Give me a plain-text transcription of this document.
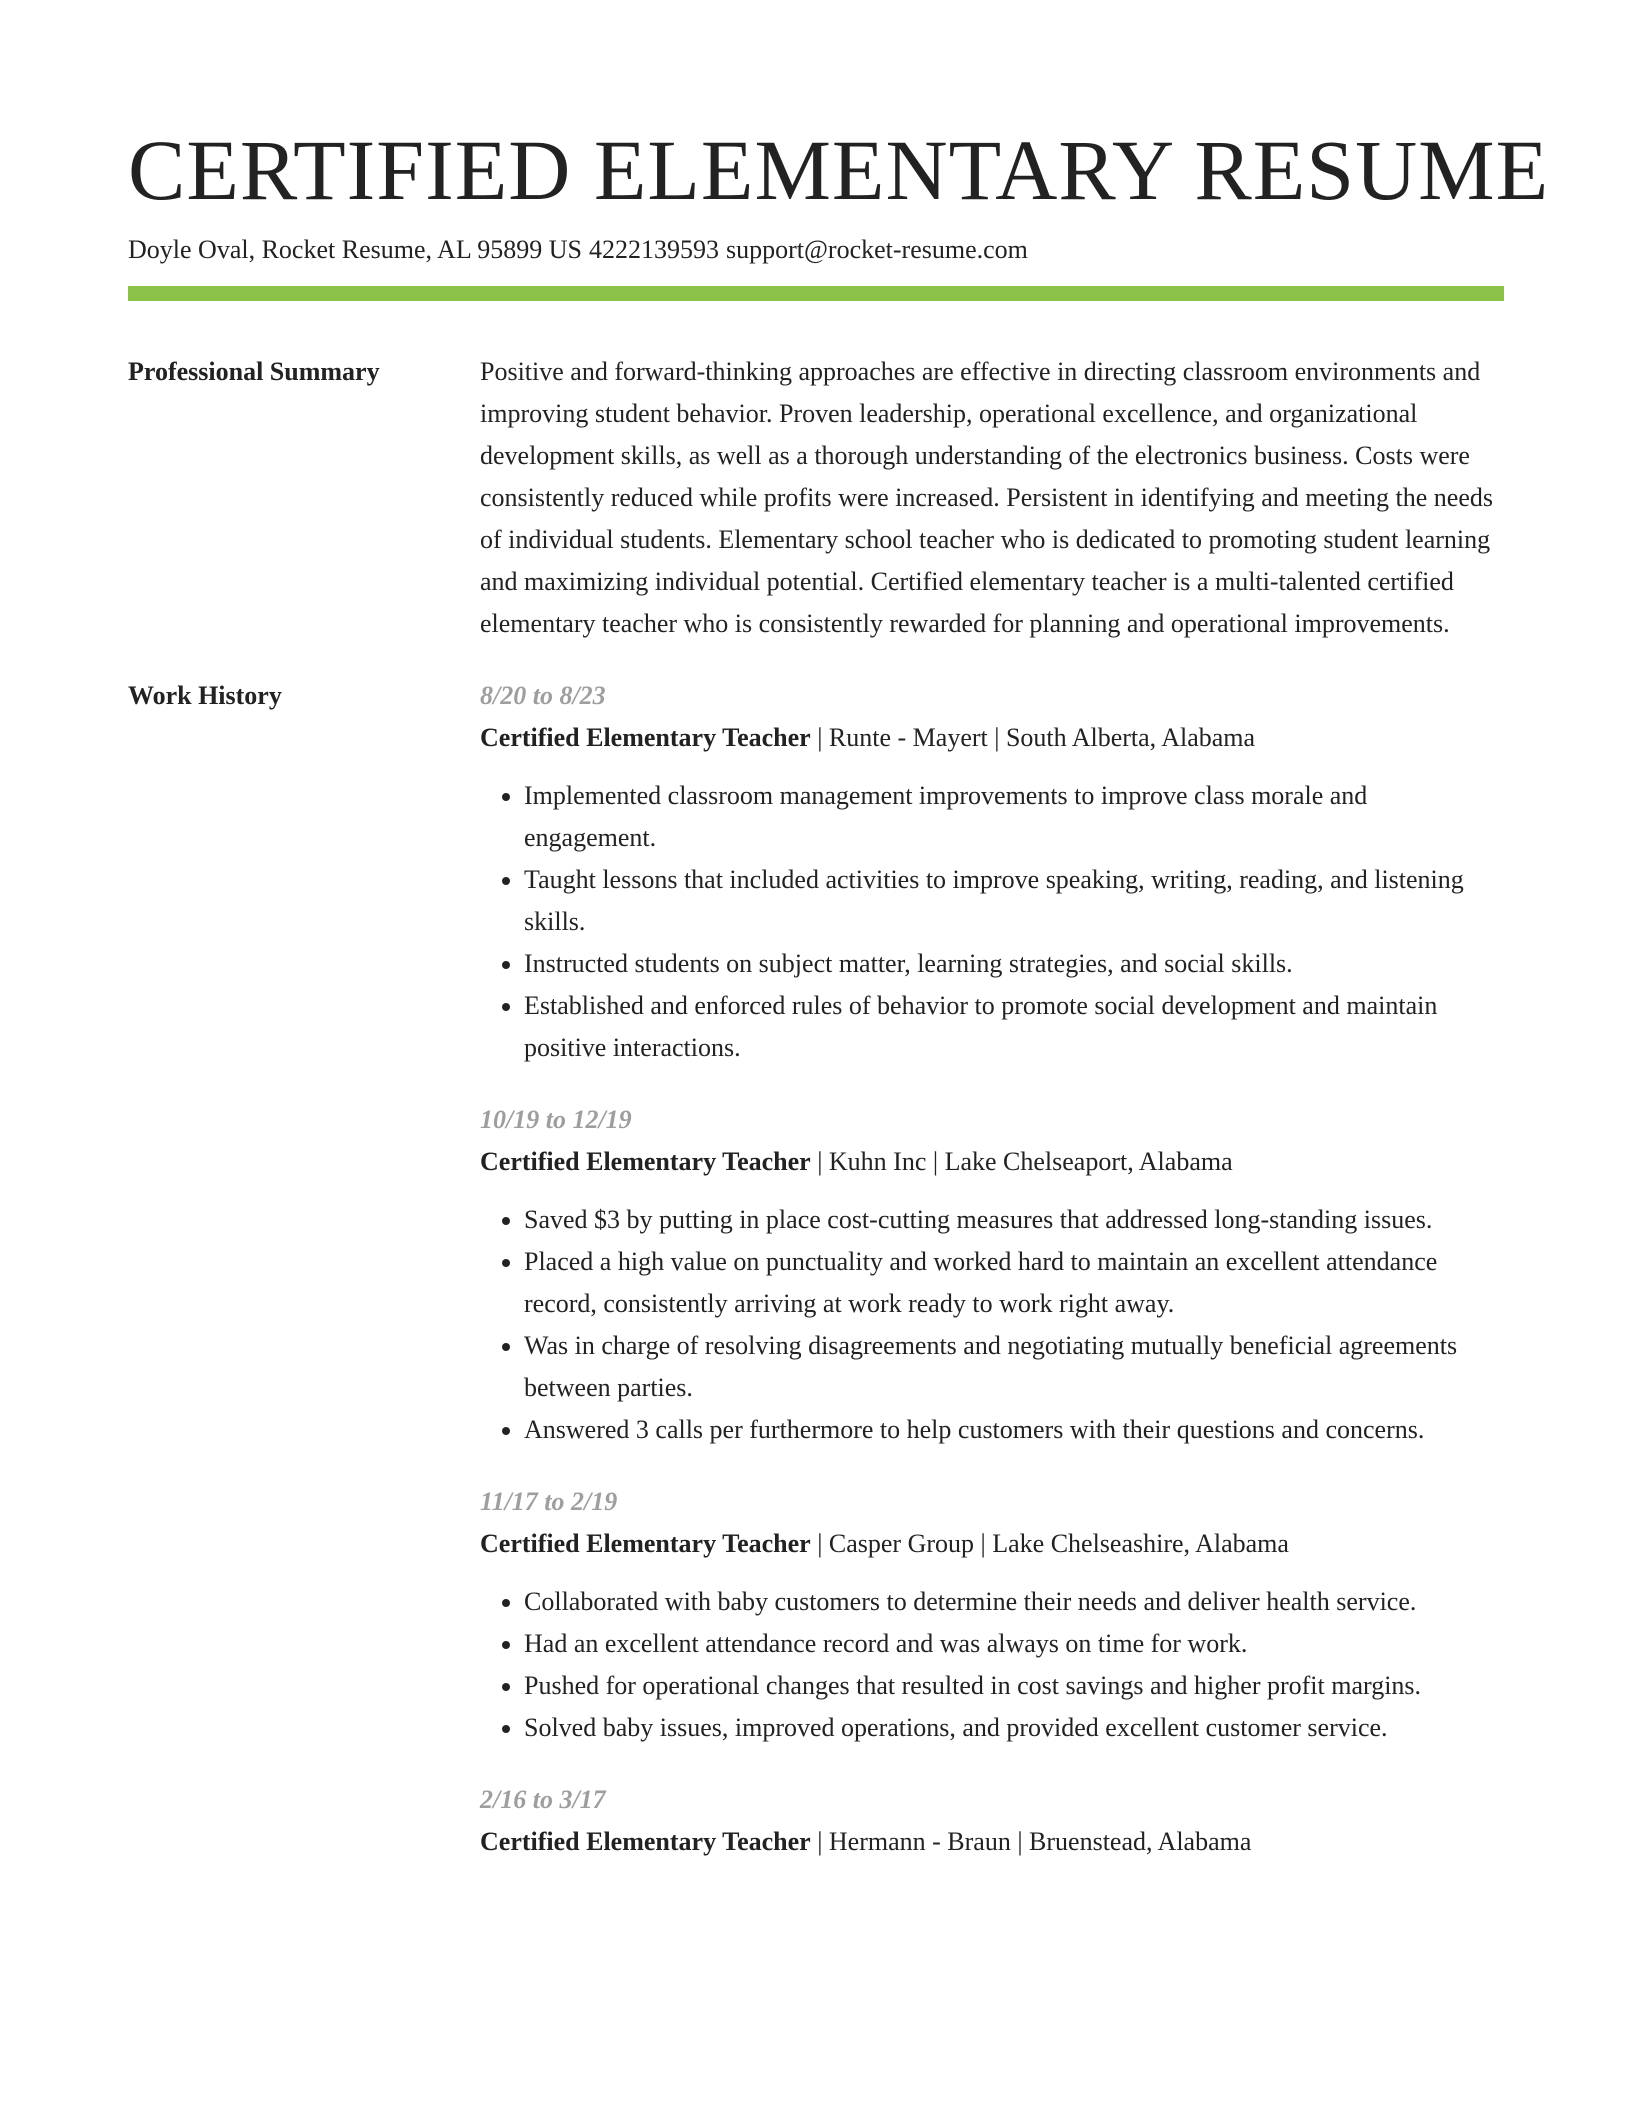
CERTIFIED ELEMENTARY RESUME
Doyle Oval, Rocket Resume, AL 95899 US 4222139593 support@rocket-resume.com
Professional Summary	Positive and forward-thinking approaches are effective in directing classroom environments and improving student behavior. Proven leadership, operational excellence, and organizational development skills, as well as a thorough understanding of the electronics business. Costs were consistently reduced while profits were increased. Persistent in identifying and meeting the needs of individual students. Elementary school teacher who is dedicated to promoting student learning and maximizing individual potential. Certified elementary teacher is a multi-talented certified elementary teacher who is consistently rewarded for planning and operational improvements.
Work History	8/20 to 8/23
Certified Elementary Teacher | Runte - Mayert | South Alberta, Alabama
• Implemented classroom management improvements to improve class morale and engagement.
• Taught lessons that included activities to improve speaking, writing, reading, and listening skills.
• Instructed students on subject matter, learning strategies, and social skills.
• Established and enforced rules of behavior to promote social development and maintain positive interactions.
10/19 to 12/19
Certified Elementary Teacher | Kuhn Inc | Lake Chelseaport, Alabama
• Saved $3 by putting in place cost-cutting measures that addressed long-standing issues.
• Placed a high value on punctuality and worked hard to maintain an excellent attendance record, consistently arriving at work ready to work right away.
• Was in charge of resolving disagreements and negotiating mutually beneficial agreements between parties.
• Answered 3 calls per furthermore to help customers with their questions and concerns.
11/17 to 2/19
Certified Elementary Teacher | Casper Group | Lake Chelseashire, Alabama
• Collaborated with baby customers to determine their needs and deliver health service.
• Had an excellent attendance record and was always on time for work.
• Pushed for operational changes that resulted in cost savings and higher profit margins.
• Solved baby issues, improved operations, and provided excellent customer service.
2/16 to 3/17
Certified Elementary Teacher | Hermann - Braun | Bruenstead, Alabama
